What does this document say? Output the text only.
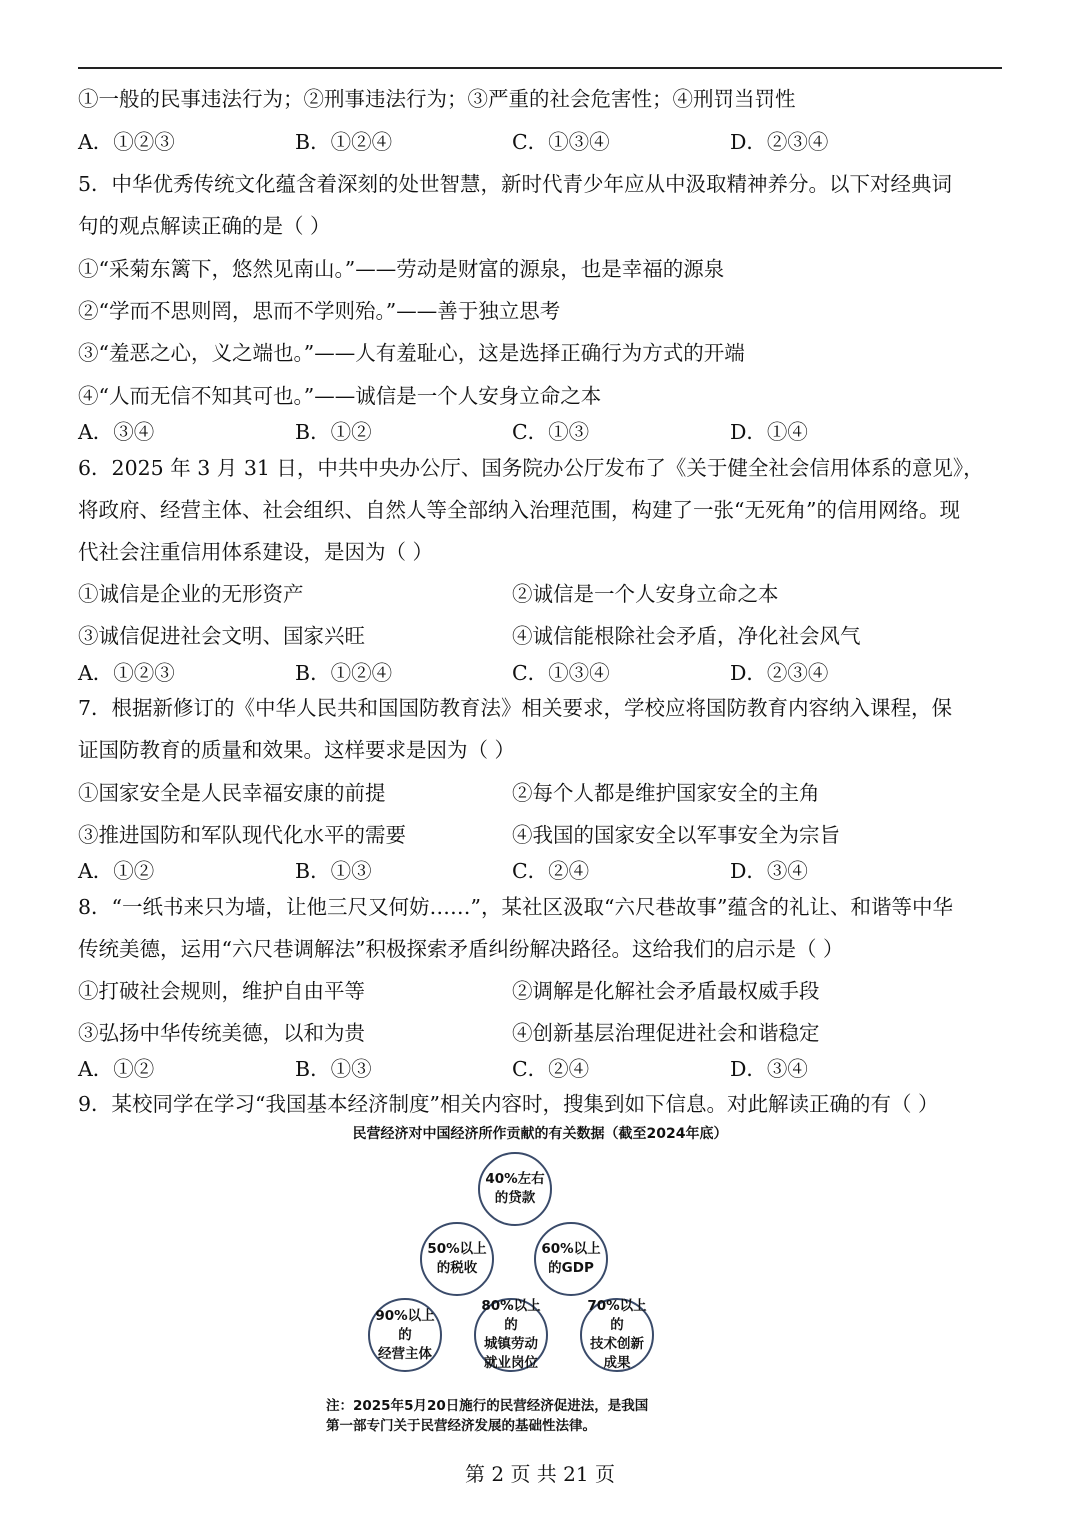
①一般的民事违法行为；②刑事违法行为；③严重的社会危害性；④刑罚当罚性
A．①②③	B．①②④	C．①③④	D．②③④
5．中华优秀传统文化蕴含着深刻的处世智慧，新时代青少年应从中汲取精神养分。以下对经典词
句的观点解读正确的是（ ）
①“采菊东篱下，悠然见南山。”——劳动是财富的源泉，也是幸福的源泉
②“学而不思则罔，思而不学则殆。”——善于独立思考
③“羞恶之心，义之端也。”——人有羞耻心，这是选择正确行为方式的开端
④“人而无信不知其可也。”——诚信是一个人安身立命之本
A．③④	B．①②	C．①③	D．①④
6．2025 年 3 月 31 日，中共中央办公厅、国务院办公厅发布了《关于健全社会信用体系的意见》，
将政府、经营主体、社会组织、自然人等全部纳入治理范围，构建了一张“无死角”的信用网络。现
代社会注重信用体系建设，是因为（ ）
①诚信是企业的无形资产	②诚信是一个人安身立命之本
③诚信促进社会文明、国家兴旺	④诚信能根除社会矛盾，净化社会风气
A．①②③	B．①②④	C．①③④	D．②③④
7．根据新修订的《中华人民共和国国防教育法》相关要求，学校应将国防教育内容纳入课程，保
证国防教育的质量和效果。这样要求是因为（ ）
①国家安全是人民幸福安康的前提	②每个人都是维护国家安全的主角
③推进国防和军队现代化水平的需要	④我国的国家安全以军事安全为宗旨
A．①②	B．①③	C．②④	D．③④
8．“一纸书来只为墙，让他三尺又何妨……”，某社区汲取“六尺巷故事”蕴含的礼让、和谐等中华
传统美德，运用“六尺巷调解法”积极探索矛盾纠纷解决路径。这给我们的启示是（ ）
①打破社会规则，维护自由平等	②调解是化解社会矛盾最权威手段
③弘扬中华传统美德，以和为贵	④创新基层治理促进社会和谐稳定
A．①②	B．①③	C．②④	D．③④
9．某校同学在学习“我国基本经济制度”相关内容时，搜集到如下信息。对此解读正确的有（ ）
民营经济对中国经济所作贡献的有关数据（截至2024年底）
40%左右
的贷款
50%以上
的税收
60%以上
的GDP
90%以上的
经营主体
80%以上的
城镇劳动
就业岗位
70%以上的
技术创新
成果
注：2025年5月20日施行的民营经济促进法，是我国
第一部专门关于民营经济发展的基础性法律。
第 2 页 共 21 页
